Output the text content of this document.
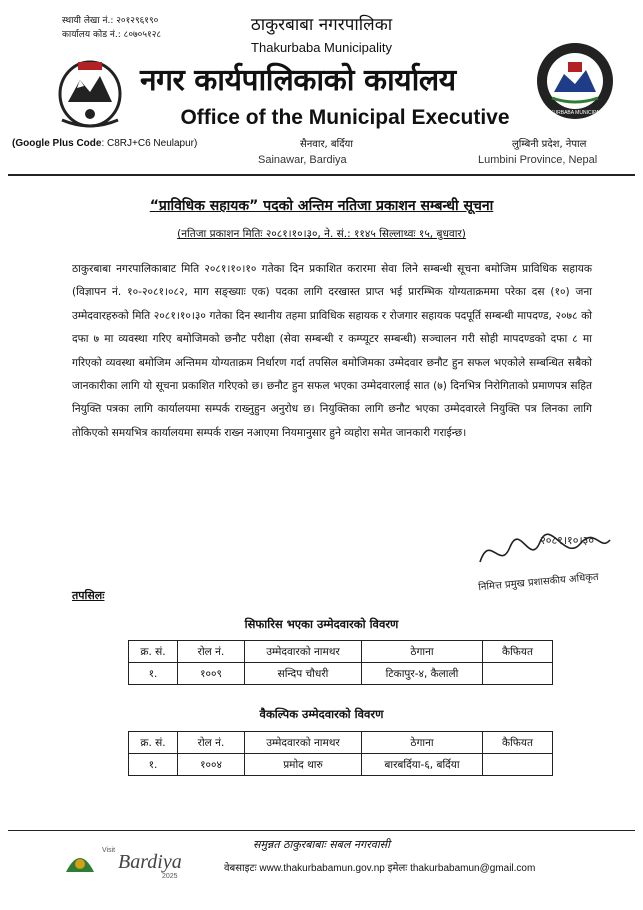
स्थायी लेखा नं.: २०१२९६१९०
कार्यालय कोड नं.: ८०७०५१२८	ठाकुरबाबा नगरपालिका
Thakurbaba Municipality
नगर कार्यपालिकाको कार्यालय
Office of the Municipal Executive	THAKURBABA MUNICIPALITY
(Google Plus Code: C8RJ+C6 Neulapur)	सैनवार, बर्दिया
Sainawar, Bardiya
लुम्बिनी प्रदेश, नेपाल
Lumbini Province, Nepal
“प्राविधिक सहायक” पदको अन्तिम नतिजा प्रकाशन सम्बन्धी सूचना
(नतिजा प्रकाशन मितिः २०८१।१०।३०, ने. सं.: ११४५ सिल्लाथ्वः १५, बुधवार)
ठाकुरबाबा नगरपालिकाबाट मिति २०८१।१०।१० गतेका दिन प्रकाशित करारमा सेवा लिने सम्बन्धी सूचना बमोजिम प्राविधिक सहायक (विज्ञापन नं. १०-२०८१।०८२, माग सङ्ख्याः एक) पदका लागि दरखास्त प्राप्त भई प्रारम्भिक योग्यताक्रममा परेका दस (१०) जना उम्मेदवारहरुको मिति २०८१।१०।३० गतेका दिन स्थानीय तहमा प्राविधिक सहायक र रोजगार सहायक पदपूर्ति सम्बन्धी मापदण्ड, २०७८ को दफा ७ मा व्यवस्था गरिए बमोजिमको छनौट परीक्षा (सेवा सम्बन्धी र कम्प्यूटर सम्बन्धी) सञ्चालन गरी सोही मापदण्डको दफा ८ मा गरिएको व्यवस्था बमोजिम अन्तिमम योग्यताक्रम निर्धारण गर्दा तपसिल बमोजिमका उम्मेदवार छनौट हुन सफल भएकोले सम्बन्धित सबैको जानकारीका लागि यो सूचना प्रकाशित गरिएको छ। छनौट हुन सफल भएका उम्मेदवारलाई सात (७) दिनभित्र निरोगिताको प्रमाणपत्र सहित नियुक्ति पत्रका लागि कार्यालयमा सम्पर्क राख्नुहुन अनुरोध छ। नियुक्तिका लागि छनौट भएका उम्मेदवारले नियुक्ति पत्र लिनका लागि तोकिएको समयभित्र कार्यालयमा सम्पर्क राख्न नआएमा नियमानुसार हुने व्यहोरा समेत जानकारी गराईन्छ।
२०८१।१०।३०
निमित्त प्रमुख प्रशासकीय अधिकृत
तपसिलः
सिफारिस भएका उम्मेदवारको विवरण
क्र. सं.	रोल नं.	उम्मेदवारको नामथर	ठेगाना	कैफियत
१.	१००९	सन्दिप चौधरी	टिकापुर-४, कैलाली	
वैकल्पिक उम्मेदवारको विवरण
क्र. सं.	रोल नं.	उम्मेदवारको नामथर	ठेगाना	कैफियत
१.	१००४	प्रमोद थारु	बारबर्दिया-६, बर्दिया	
Visit
Bardiya
2025
समुन्नत ठाकुरबाबाः सबल नगरवासी
वेबसाइटः www.thakurbabamun.gov.np इमेलः thakurbabamun@gmail.com
